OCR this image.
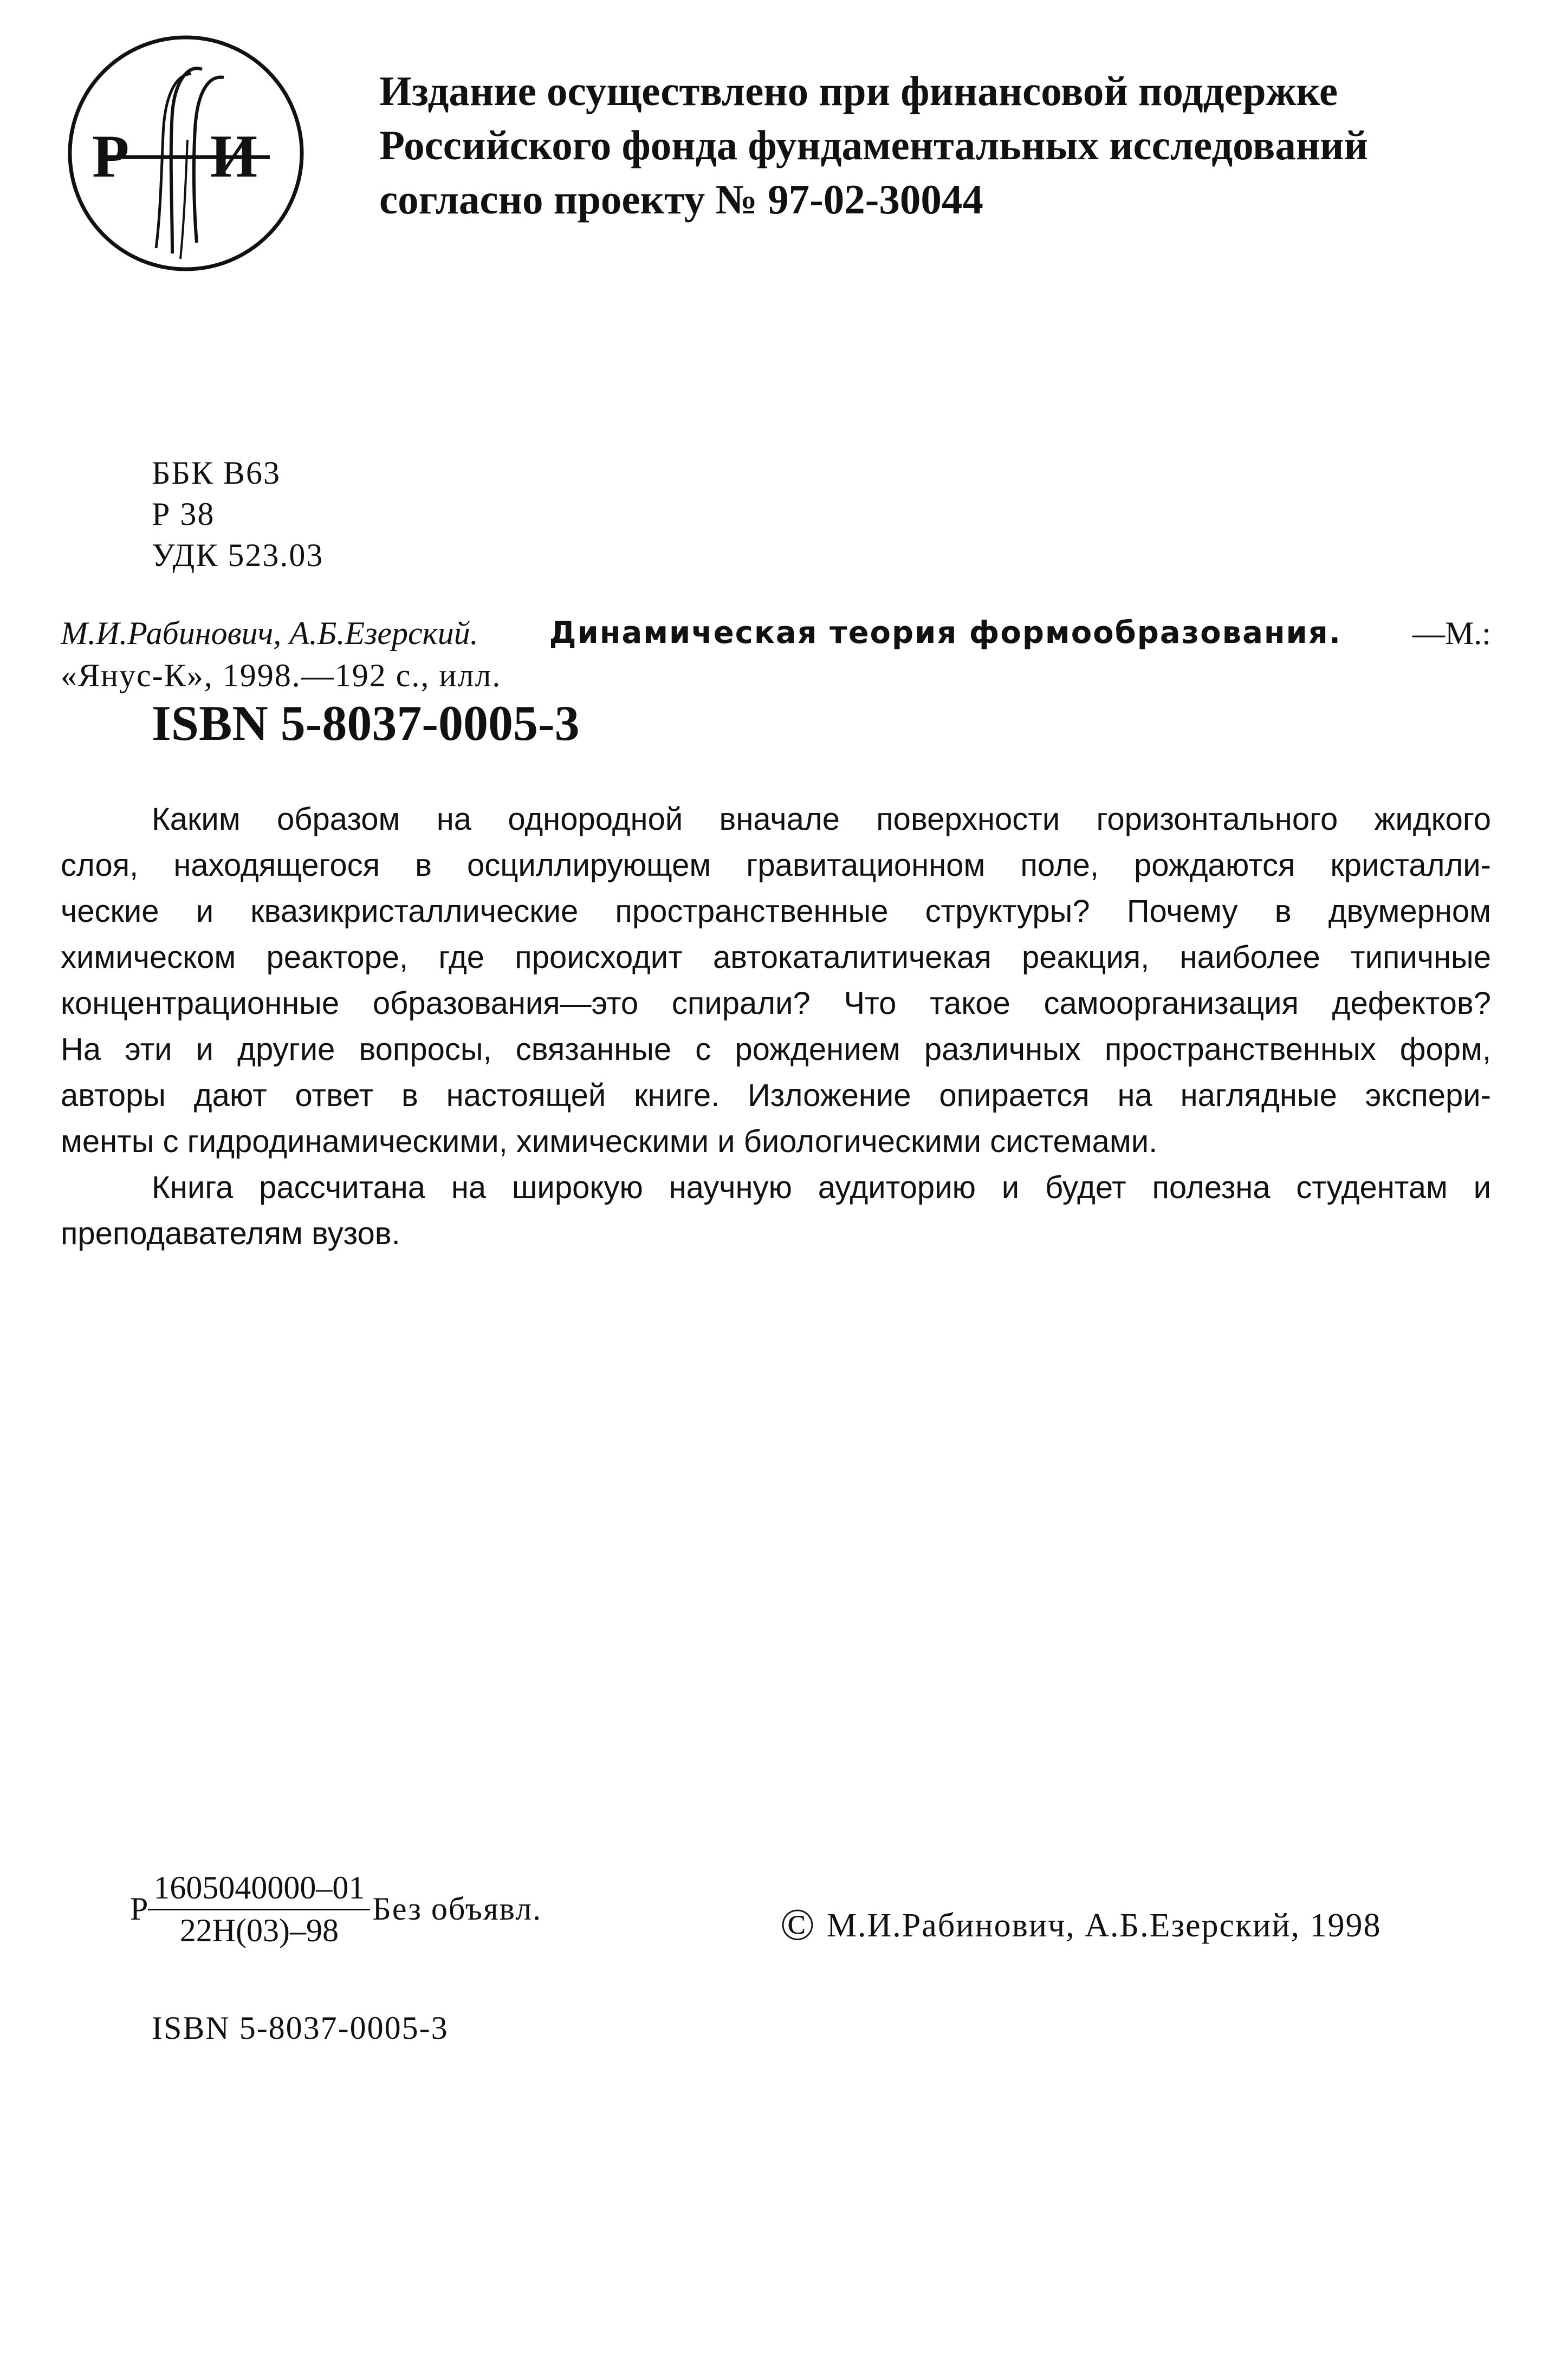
Р И
Издание осуществлено при финансовой поддержке
Российского фонда фундаментальных исследований
согласно проекту № 97-02-30044
ББК В63
Р 38
УДК 523.03
М.И.Рабинович, А.Б.Езерский. Динамическая теория формообразования. —М.:
«Янус-К», 1998.—192 с., илл.
ISBN 5-8037-0005-3
Каким образом на однородной вначале поверхности горизонтального жидкого
слоя, находящегося в осциллирующем гравитационном поле, рождаются кристалли-
ческие и квазикристаллические пространственные структуры? Почему в двумерном
химическом реакторе, где происходит автокаталитичекая реакция, наиболее типичные
концентрационные образования—это спирали? Что такое самоорганизация дефектов?
На эти и другие вопросы, связанные с рождением различных пространственных форм,
авторы дают ответ в настоящей книге. Изложение опирается на наглядные экспери-
менты с гидродинамическими, химическими и биологическими системами.
Книга рассчитана на широкую научную аудиторию и будет полезна студентам и
преподавателям вузов.
Р $\frac{1605040000-01}{22Н(03)-98}$ Без объявл.	© М.И.Рабинович, А.Б.Езерский, 1998
ISBN 5-8037-0005-3
